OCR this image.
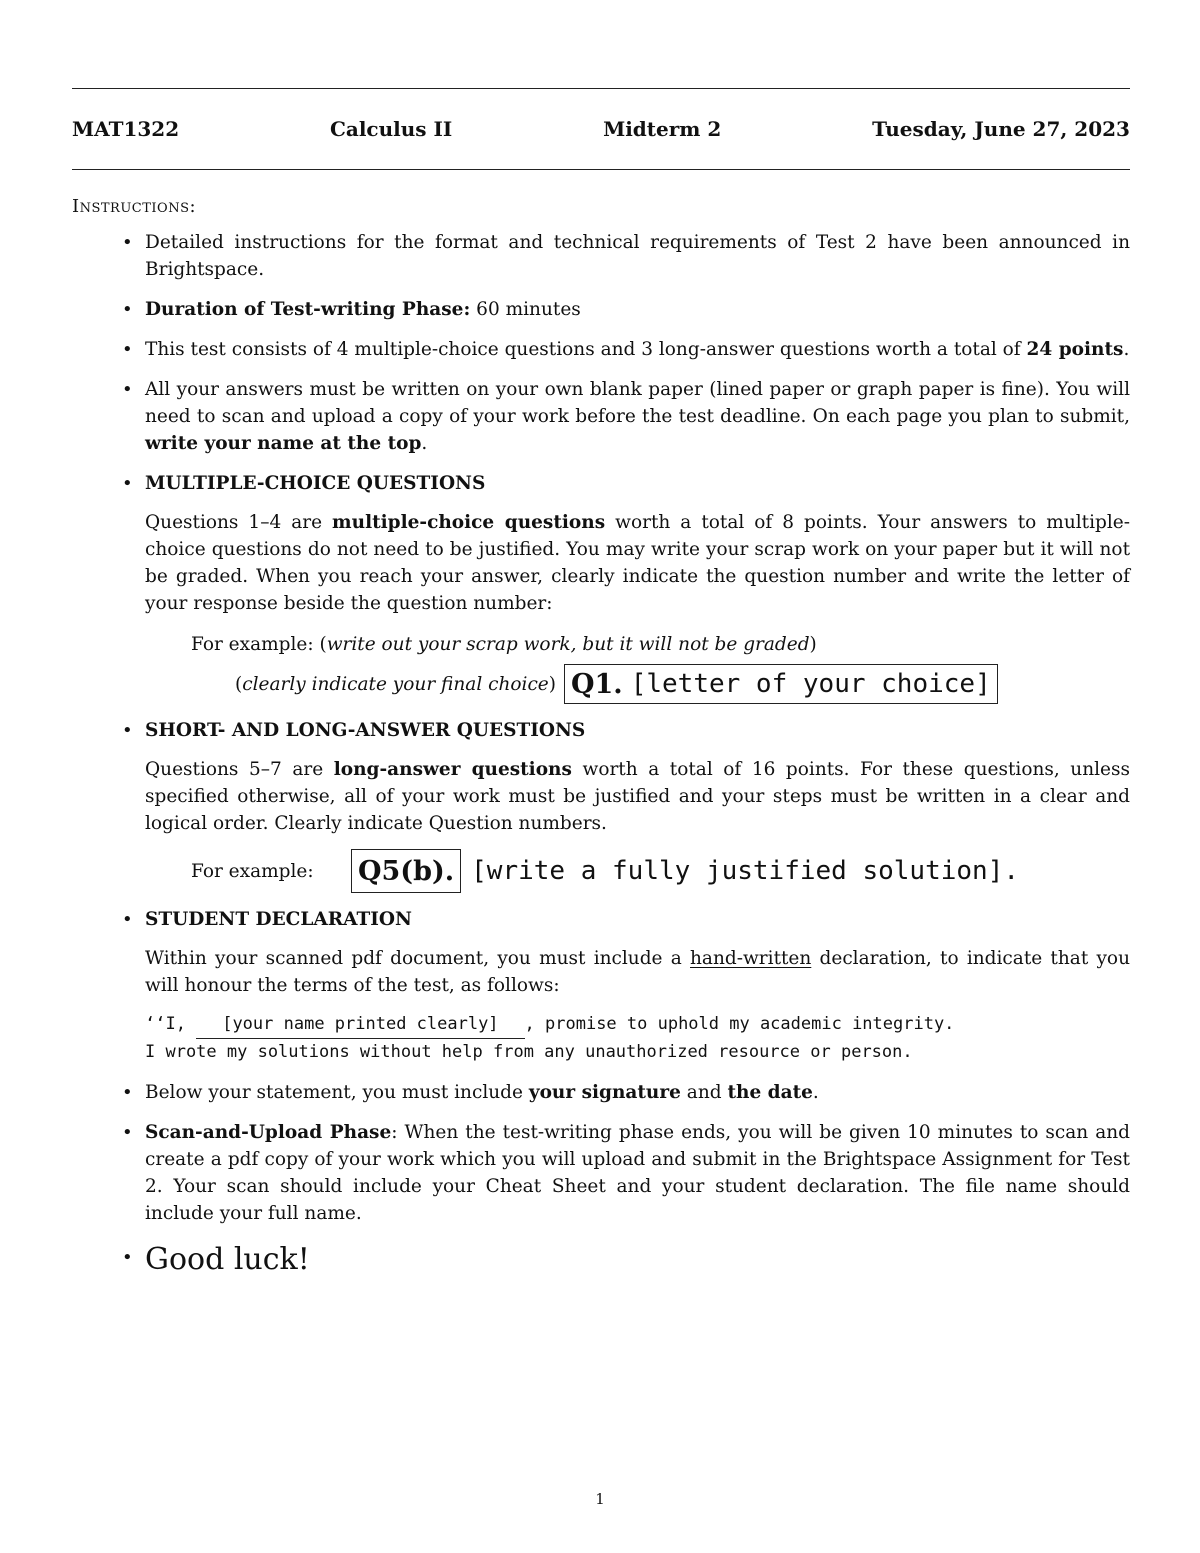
MAT1322	Calculus II	Midterm 2	Tuesday, June 27, 2023
Instructions:
• Detailed instructions for the format and technical requirements of Test 2 have been announced in Brightspace.
• Duration of Test-writing Phase: 60 minutes
• This test consists of 4 multiple-choice questions and 3 long-answer questions worth a total of 24 points.
• All your answers must be written on your own blank paper (lined paper or graph paper is fine). You will need to scan and upload a copy of your work before the test deadline. On each page you plan to submit, write your name at the top.
• MULTIPLE-CHOICE QUESTIONS
Questions 1–4 are multiple-choice questions worth a total of 8 points. Your answers to multiple-choice questions do not need to be justified. You may write your scrap work on your paper but it will not be graded. When you reach your answer, clearly indicate the question number and write the letter of your response beside the question number:
For example: (write out your scrap work, but it will not be graded)
( clearly indicate your final choice ) Q1. [letter of your choice]
• SHORT- AND LONG-ANSWER QUESTIONS
Questions 5–7 are long-answer questions worth a total of 16 points. For these questions, unless specified otherwise, all of your work must be justified and your steps must be written in a clear and logical order. Clearly indicate Question numbers.
For example:	Q5(b). [write a fully justified solution].
• STUDENT DECLARATION
Within your scanned pdf document, you must include a hand-written declaration, to indicate that you will honour the terms of the test, as follows:
‘‘I, [your name printed clearly] , promise to uphold my academic integrity.
I wrote my solutions without help from any unauthorized resource or person.
• Below your statement, you must include your signature and the date.
• Scan-and-Upload Phase: When the test-writing phase ends, you will be given 10 minutes to scan and create a pdf copy of your work which you will upload and submit in the Brightspace Assignment for Test 2. Your scan should include your Cheat Sheet and your student declaration. The file name should include your full name.
• Good luck!
1
